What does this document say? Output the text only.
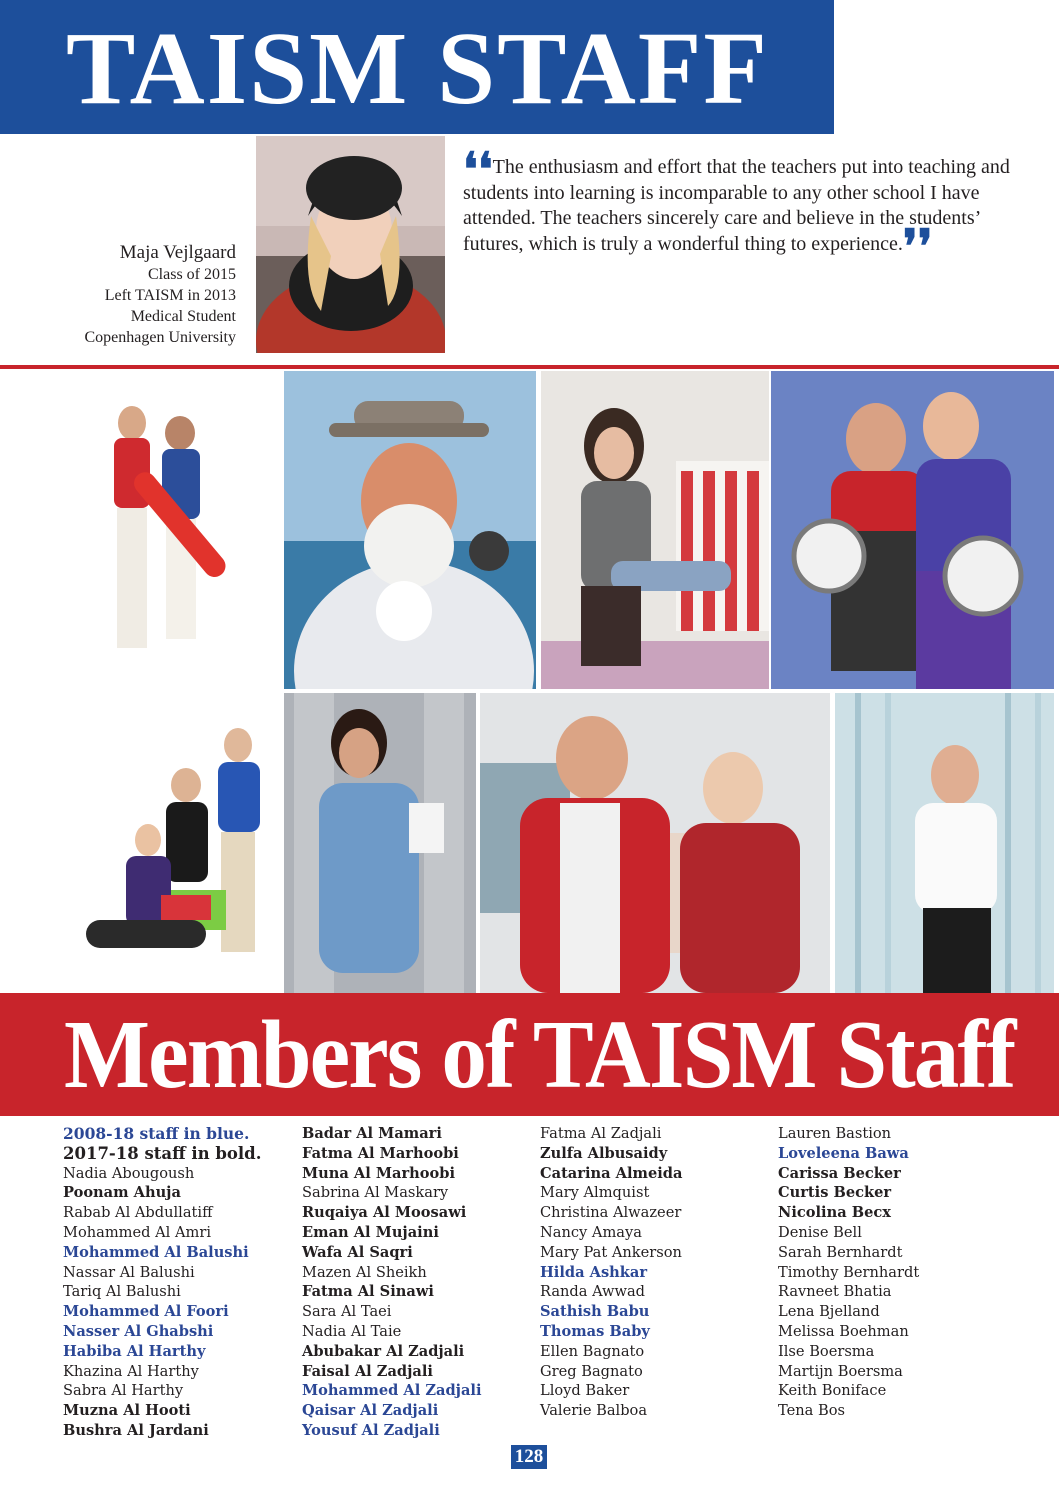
TAISM STAFF
Maja Vejlgaard
Class of 2015
Left TAISM in 2013
Medical Student
Copenhagen University
❛❛The enthusiasm and effort that the teachers put into teaching and students into learning is incomparable to any other school I have attended. The teachers sincerely care and believe in the students’ futures, which is truly a wonderful thing to experience.❜❜
Members of TAISM Staff
2008-18 staff in blue.
2017-18 staff in bold.
Nadia Abougoush
Poonam Ahuja
Rabab Al Abdullatiff
Mohammed Al Amri
Mohammed Al Balushi
Nassar Al Balushi
Tariq Al Balushi
Mohammed Al Foori
Nasser Al Ghabshi
Habiba Al Harthy
Khazina Al Harthy
Sabra Al Harthy
Muzna Al Hooti
Bushra Al Jardani
Badar Al Mamari
Fatma Al Marhoobi
Muna Al Marhoobi
Sabrina Al Maskary
Ruqaiya Al Moosawi
Eman Al Mujaini
Wafa Al Saqri
Mazen Al Sheikh
Fatma Al Sinawi
Sara Al Taei
Nadia Al Taie
Abubakar Al Zadjali
Faisal Al Zadjali
Mohammed Al Zadjali
Qaisar Al Zadjali
Yousuf Al Zadjali
Fatma Al Zadjali
Zulfa Albusaidy
Catarina Almeida
Mary Almquist
Christina Alwazeer
Nancy Amaya
Mary Pat Ankerson
Hilda Ashkar
Randa Awwad
Sathish Babu
Thomas Baby
Ellen Bagnato
Greg Bagnato
Lloyd Baker
Valerie Balboa
Lauren Bastion
Loveleena Bawa
Carissa Becker
Curtis Becker
Nicolina Becx
Denise Bell
Sarah Bernhardt
Timothy Bernhardt
Ravneet Bhatia
Lena Bjelland
Melissa Boehman
Ilse Boersma
Martijn Boersma
Keith Boniface
Tena Bos
128
